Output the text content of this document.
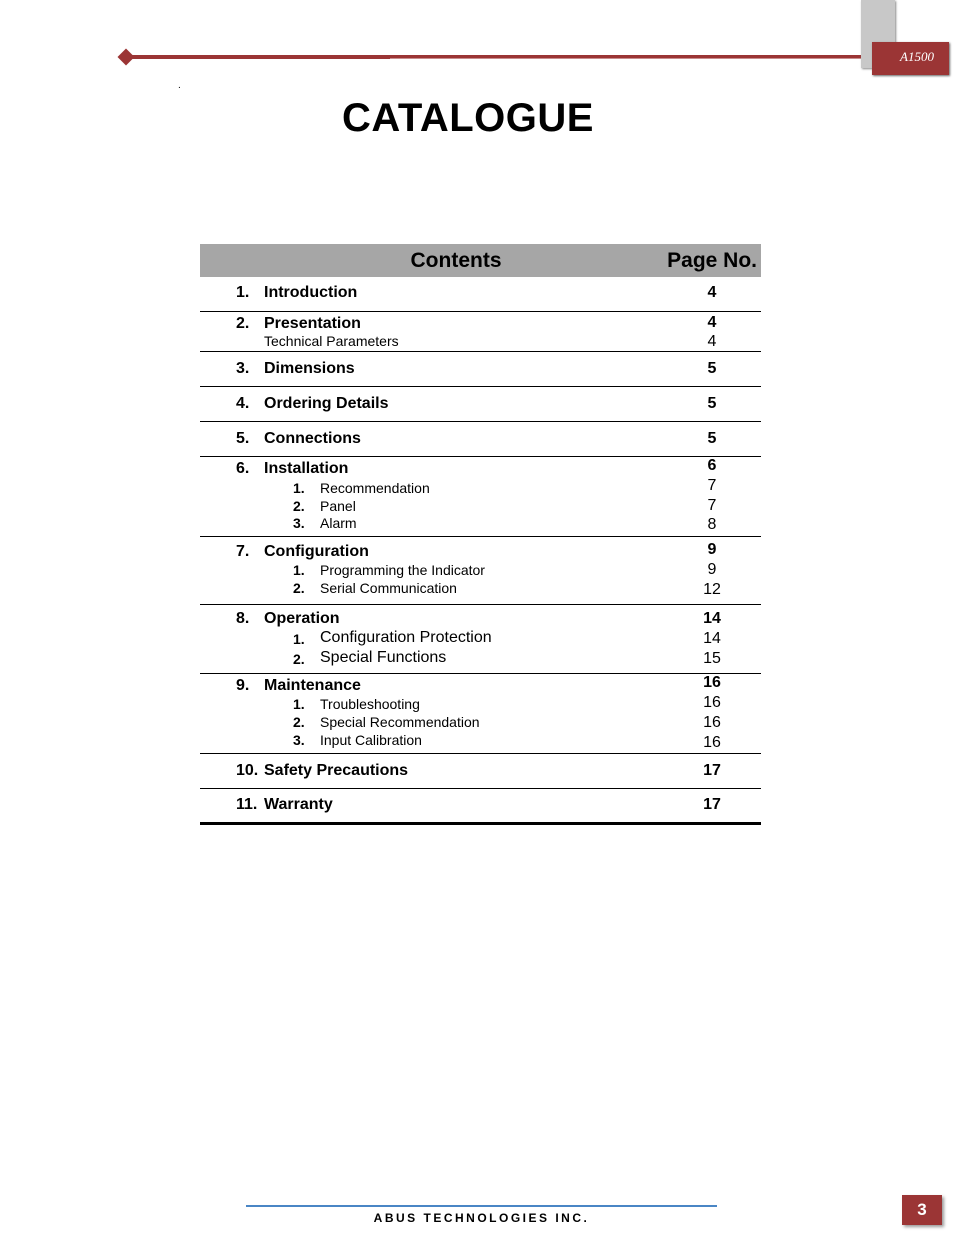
A1500
.
CATALOGUE
Contents	Page No.
1. Introduction	4
2. Presentation	4
Technical Parameters	4
3. Dimensions	5
4. Ordering Details	5
5. Connections	5
6. Installation	6
1. Recommendation	7
2. Panel	7
3. Alarm	8
7. Configuration	9
1. Programming the Indicator	9
2. Serial Communication	12
8. Operation	14
1. Configuration Protection	14
2. Special Functions	15
9. Maintenance	16
1. Troubleshooting	16
2. Special Recommendation	16
3. Input Calibration	16
10. Safety Precautions	17
11. Warranty	17
ABUS TECHNOLOGIES INC.	3
